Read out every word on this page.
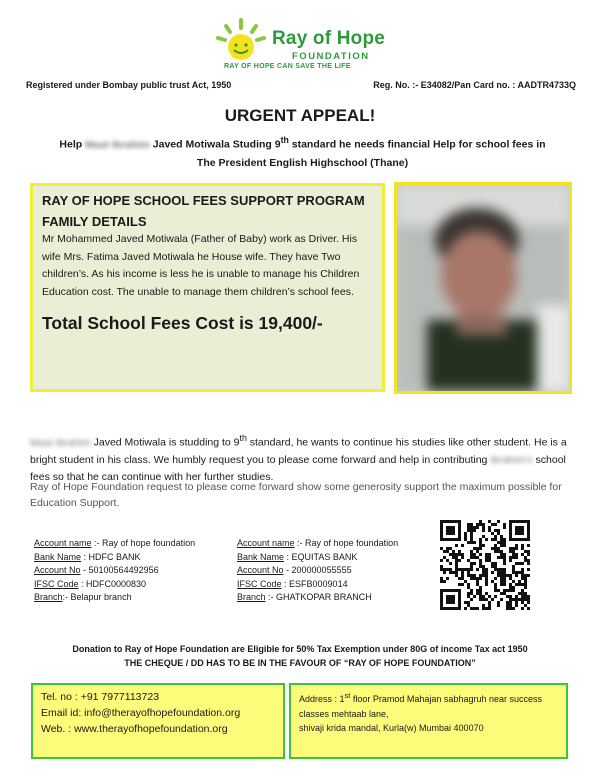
Ray of Hope
FOUNDATION
RAY OF HOPE CAN SAVE THE LIFE
Registered under Bombay public trust Act, 1950	Reg. No. :- E34082/Pan Card no. : AADTR4733Q
URGENT APPEAL!
Help Mast Ibrahim Javed Motiwala Studing 9th standard he needs financial Help for school fees in
The President English Highschool (Thane)
RAY OF HOPE SCHOOL FEES SUPPORT PROGRAM
FAMILY DETAILS
Mr Mohammed Javed Motiwala (Father of Baby) work as Driver. His wife Mrs. Fatima Javed Motiwala he House wife. They have Two children’s. As his income is less he is unable to manage his Children Education cost. The unable to manage them children’s school fees.
Total School Fees Cost is 19,400/-
Mast Ibrahim Javed Motiwala is studding to 9th standard, he wants to continue his studies like other student. He is a bright student in his class. We humbly request you to please come forward and help in contributing Ibrahim's school fees so that he can continue with her further studies.
Ray of Hope Foundation request to please come forward show some generosity support the maximum possible for Education Support.
Account name :- Ray of hope foundation
Bank Name : HDFC BANK
Account No - 50100564492956
IFSC Code : HDFC0000830
Branch:- Belapur branch
Account name :- Ray of hope foundation
Bank Name : EQUITAS BANK
Account No - 200000055555
IFSC Code : ESFB0009014
Branch :- GHATKOPAR BRANCH
Donation to Ray of Hope Foundation are Eligible for 50% Tax Exemption under 80G of income Tax act 1950
THE CHEQUE / DD HAS TO BE IN THE FAVOUR OF “RAY OF HOPE FOUNDATION”
Tel. no : +91 7977113723
Email id: info@therayofhopefoundation.org
Web. : www.therayofhopefoundation.org
Address : 1st floor Pramod Mahajan sabhagruh near success classes mehtaab lane,
shivaji krida mandal, Kurla(w) Mumbai 400070
